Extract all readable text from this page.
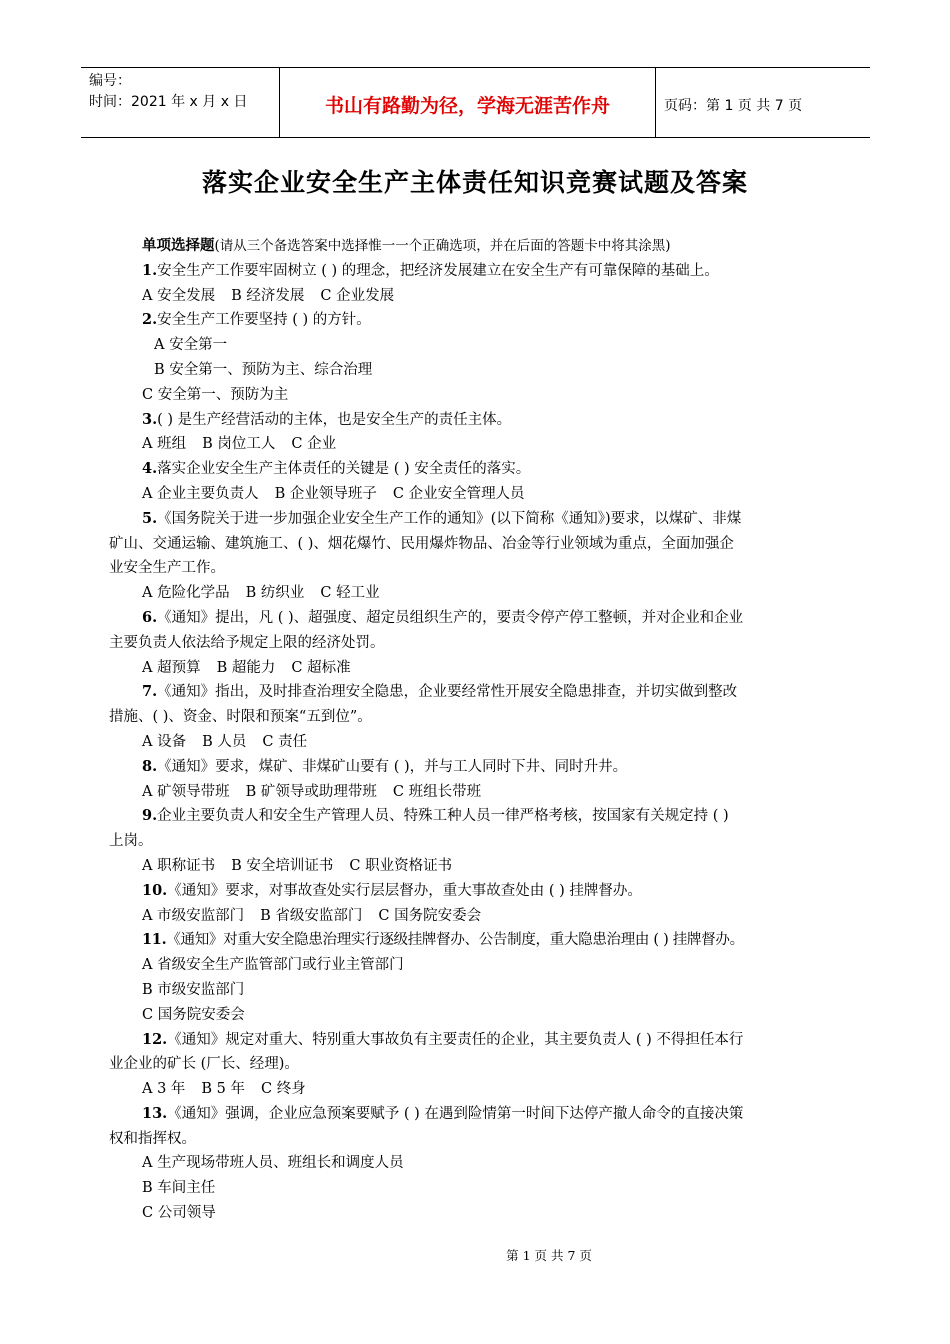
编号：
时间：2021 年 x 月 x 日	书山有路勤为径，学海无涯苦作舟	页码：第 1 页 共 7 页
落实企业安全生产主体责任知识竞赛试题及答案
单项选择题(请从三个备选答案中选择惟一一个正确选项，并在后面的答题卡中将其涂黑)
1.安全生产工作要牢固树立 ( ) 的理念，把经济发展建立在安全生产有可靠保障的基础上。
A 安全发展 B 经济发展 C 企业发展
2.安全生产工作要坚持 ( ) 的方针。
A 安全第一
B 安全第一、预防为主、综合治理
C 安全第一、预防为主
3.( ) 是生产经营活动的主体，也是安全生产的责任主体。
A 班组 B 岗位工人 C 企业
4.落实企业安全生产主体责任的关键是 ( ) 安全责任的落实。
A 企业主要负责人 B 企业领导班子 C 企业安全管理人员
5.《国务院关于进一步加强企业安全生产工作的通知》(以下简称《通知》)要求，以煤矿、非煤
矿山、交通运输、建筑施工、( )、烟花爆竹、民用爆炸物品、冶金等行业领域为重点，全面加强企
业安全生产工作。
A 危险化学品 B 纺织业 C 轻工业
6.《通知》提出，凡 ( )、超强度、超定员组织生产的，要责令停产停工整顿，并对企业和企业
主要负责人依法给予规定上限的经济处罚。
A 超预算 B 超能力 C 超标准
7.《通知》指出，及时排查治理安全隐患，企业要经常性开展安全隐患排查，并切实做到整改
措施、( )、资金、时限和预案“五到位”。
A 设备 B 人员 C 责任
8.《通知》要求，煤矿、非煤矿山要有 ( )，并与工人同时下井、同时升井。
A 矿领导带班 B 矿领导或助理带班 C 班组长带班
9.企业主要负责人和安全生产管理人员、特殊工种人员一律严格考核，按国家有关规定持 ( )
上岗。
A 职称证书 B 安全培训证书 C 职业资格证书
10.《通知》要求，对事故查处实行层层督办，重大事故查处由 ( ) 挂牌督办。
A 市级安监部门 B 省级安监部门 C 国务院安委会
11.《通知》对重大安全隐患治理实行逐级挂牌督办、公告制度，重大隐患治理由 ( ) 挂牌督办。
A 省级安全生产监管部门或行业主管部门
B 市级安监部门
C 国务院安委会
12.《通知》规定对重大、特别重大事故负有主要责任的企业，其主要负责人 ( ) 不得担任本行
业企业的矿长 (厂长、经理)。
A 3 年 B 5 年 C 终身
13.《通知》强调，企业应急预案要赋予 ( ) 在遇到险情第一时间下达停产撤人命令的直接决策
权和指挥权。
A 生产现场带班人员、班组长和调度人员
B 车间主任
C 公司领导
第 1 页 共 7 页
